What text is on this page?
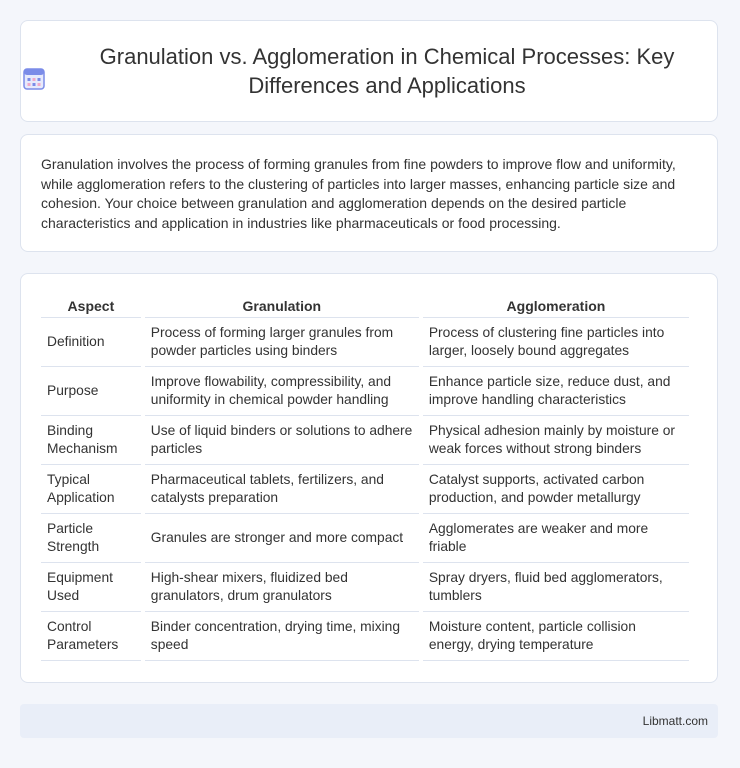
Granulation vs. Agglomeration in Chemical Processes: Key Differences and Applications

Granulation involves the process of forming granules from fine powders to improve flow and uniformity, while agglomeration refers to the clustering of particles into larger masses, enhancing particle size and cohesion. Your choice between granulation and agglomeration depends on the desired particle characteristics and application in industries like pharmaceuticals or food processing.

Aspect	Granulation	Agglomeration
Definition	Process of forming larger granules from powder particles using binders	Process of clustering fine particles into larger, loosely bound aggregates
Purpose	Improve flowability, compressibility, and uniformity in chemical powder handling	Enhance particle size, reduce dust, and improve handling characteristics
Binding Mechanism	Use of liquid binders or solutions to adhere particles	Physical adhesion mainly by moisture or weak forces without strong binders
Typical Application	Pharmaceutical tablets, fertilizers, and catalysts preparation	Catalyst supports, activated carbon production, and powder metallurgy
Particle Strength	Granules are stronger and more compact	Agglomerates are weaker and more friable
Equipment Used	High-shear mixers, fluidized bed granulators, drum granulators	Spray dryers, fluid bed agglomerators, tumblers
Control Parameters	Binder concentration, drying time, mixing speed	Moisture content, particle collision energy, drying temperature
Libmatt.com
